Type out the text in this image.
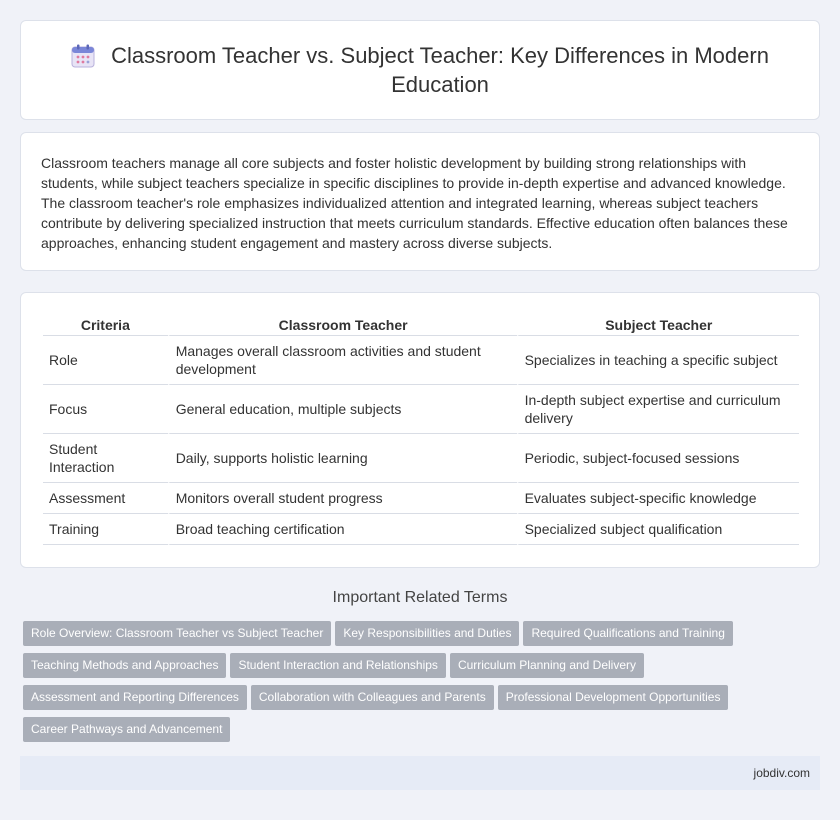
Classroom Teacher vs. Subject Teacher: Key Differences in Modern Education

Classroom teachers manage all core subjects and foster holistic development by building strong relationships with students, while subject teachers specialize in specific disciplines to provide in-depth expertise and advanced knowledge. The classroom teacher's role emphasizes individualized attention and integrated learning, whereas subject teachers contribute by delivering specialized instruction that meets curriculum standards. Effective education often balances these approaches, enhancing student engagement and mastery across diverse subjects.

Criteria	Classroom Teacher	Subject Teacher
Role	Manages overall classroom activities and student development	Specializes in teaching a specific subject
Focus	General education, multiple subjects	In-depth subject expertise and curriculum delivery
Student Interaction	Daily, supports holistic learning	Periodic, subject-focused sessions
Assessment	Monitors overall student progress	Evaluates subject-specific knowledge
Training	Broad teaching certification	Specialized subject qualification
Important Related Terms
Role Overview: Classroom Teacher vs Subject Teacher Key Responsibilities and Duties Required Qualifications and Training
Teaching Methods and Approaches Student Interaction and Relationships Curriculum Planning and Delivery
Assessment and Reporting Differences Collaboration with Colleagues and Parents Professional Development Opportunities
Career Pathways and Advancement
jobdiv.com
